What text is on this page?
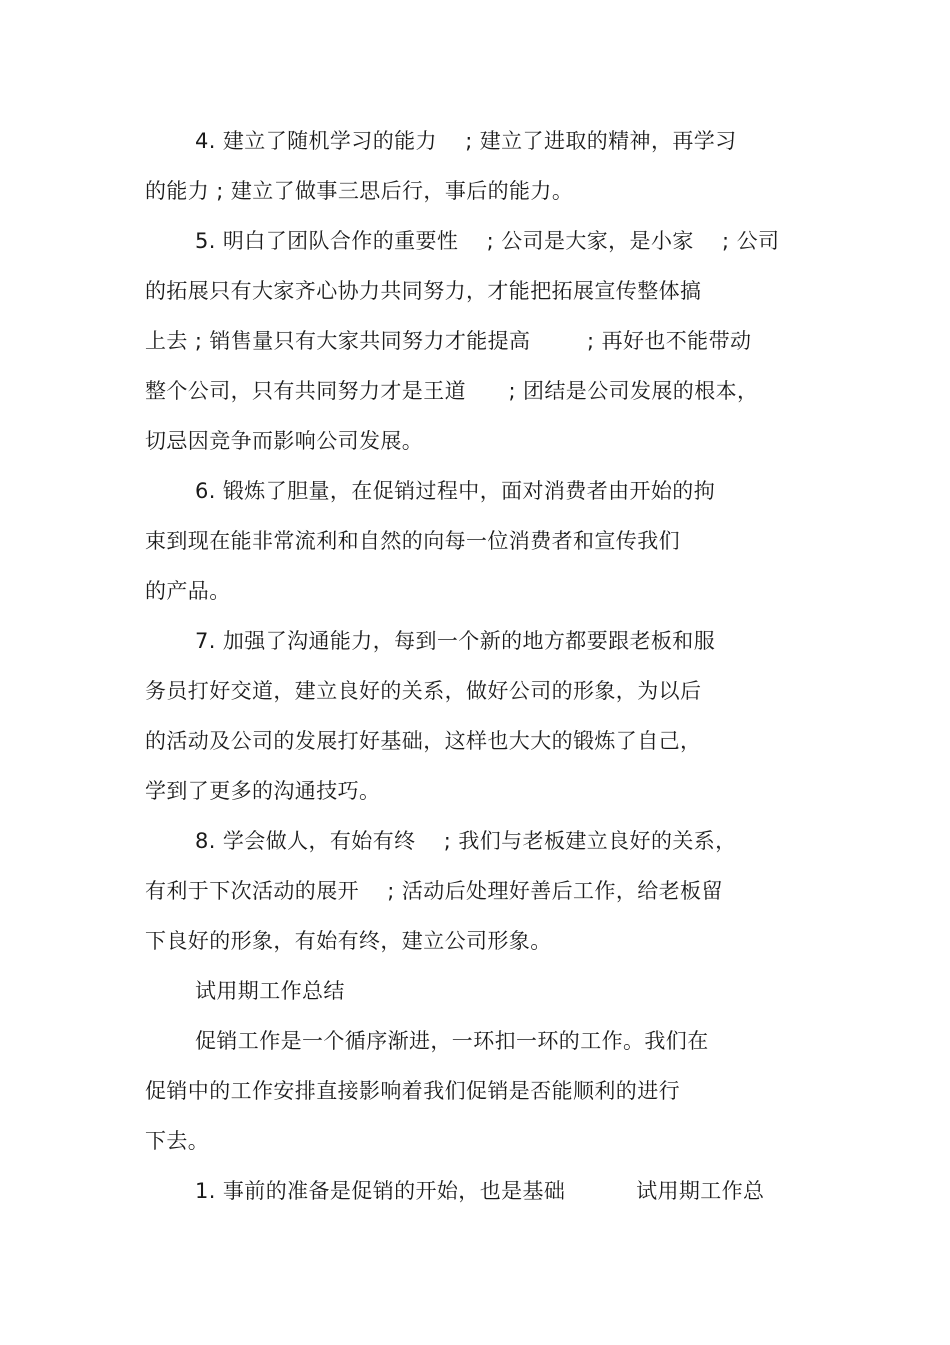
4. 建立了随机学习的能力    ; 建立了进取的精神，再学习
的能力 ; 建立了做事三思后行，事后的能力。
5. 明白了团队合作的重要性    ; 公司是大家，是小家    ; 公司
的拓展只有大家齐心协力共同努力，才能把拓展宣传整体搞
上去 ; 销售量只有大家共同努力才能提高        ; 再好也不能带动
整个公司，只有共同努力才是王道      ; 团结是公司发展的根本，
切忌因竞争而影响公司发展。
6. 锻炼了胆量，在促销过程中，面对消费者由开始的拘
束到现在能非常流利和自然的向每一位消费者和宣传我们
的产品。
7. 加强了沟通能力，每到一个新的地方都要跟老板和服
务员打好交道，建立良好的关系，做好公司的形象，为以后
的活动及公司的发展打好基础，这样也大大的锻炼了自己，
学到了更多的沟通技巧。
8. 学会做人，有始有终    ; 我们与老板建立良好的关系，
有利于下次活动的展开    ; 活动后处理好善后工作，给老板留
下良好的形象，有始有终，建立公司形象。
试用期工作总结
促销工作是一个循序渐进，一环扣一环的工作。我们在
促销中的工作安排直接影响着我们促销是否能顺利的进行
下去。
1. 事前的准备是促销的开始，也是基础          试用期工作总
